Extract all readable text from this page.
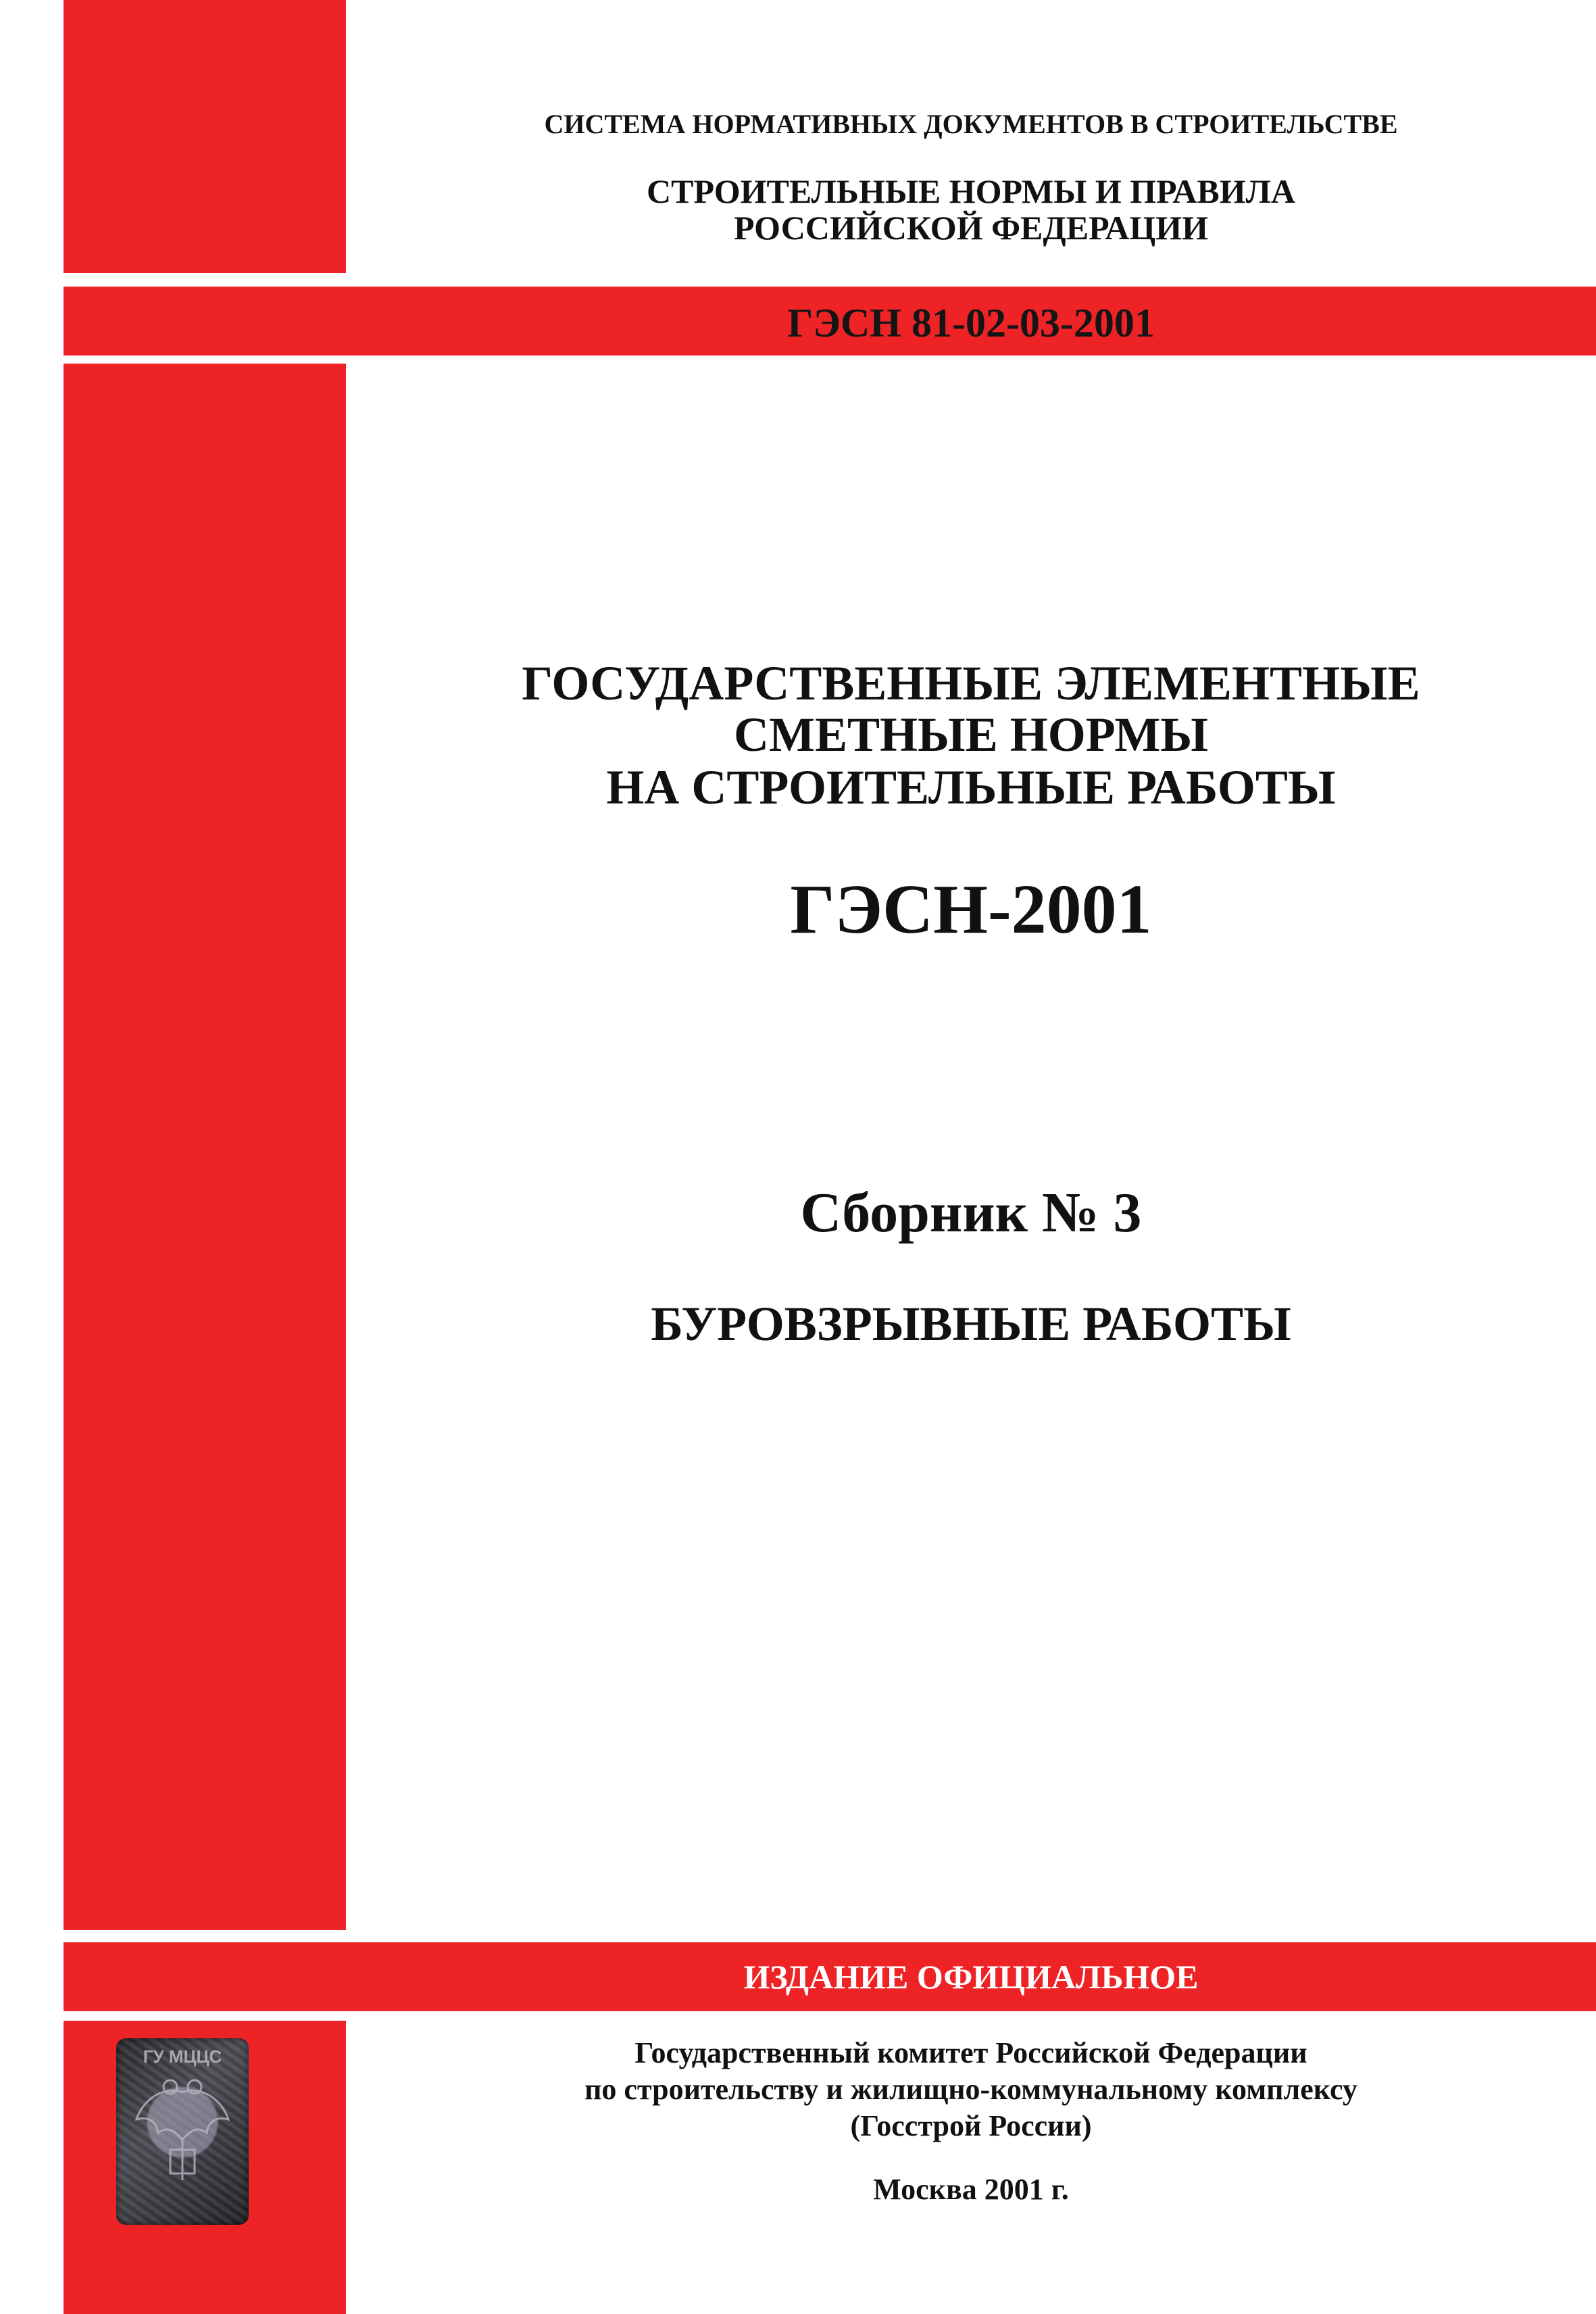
СИСТЕМА НОРМАТИВНЫХ ДОКУМЕНТОВ В СТРОИТЕЛЬСТВЕ
СТРОИТЕЛЬНЫЕ НОРМЫ И ПРАВИЛА
РОССИЙСКОЙ ФЕДЕРАЦИИ
ГЭСН 81-02-03-2001
ГОСУДАРСТВЕННЫЕ ЭЛЕМЕНТНЫЕ
СМЕТНЫЕ НОРМЫ
НА СТРОИТЕЛЬНЫЕ РАБОТЫ
ГЭСН-2001
Сборник № 3
БУРОВЗРЫВНЫЕ РАБОТЫ
ИЗДАНИЕ ОФИЦИАЛЬНОЕ
Государственный комитет Российской Федерации
по строительству и жилищно-коммунальному комплексу
(Госстрой России)
Москва 2001 г.
ГУ МЦЦС
